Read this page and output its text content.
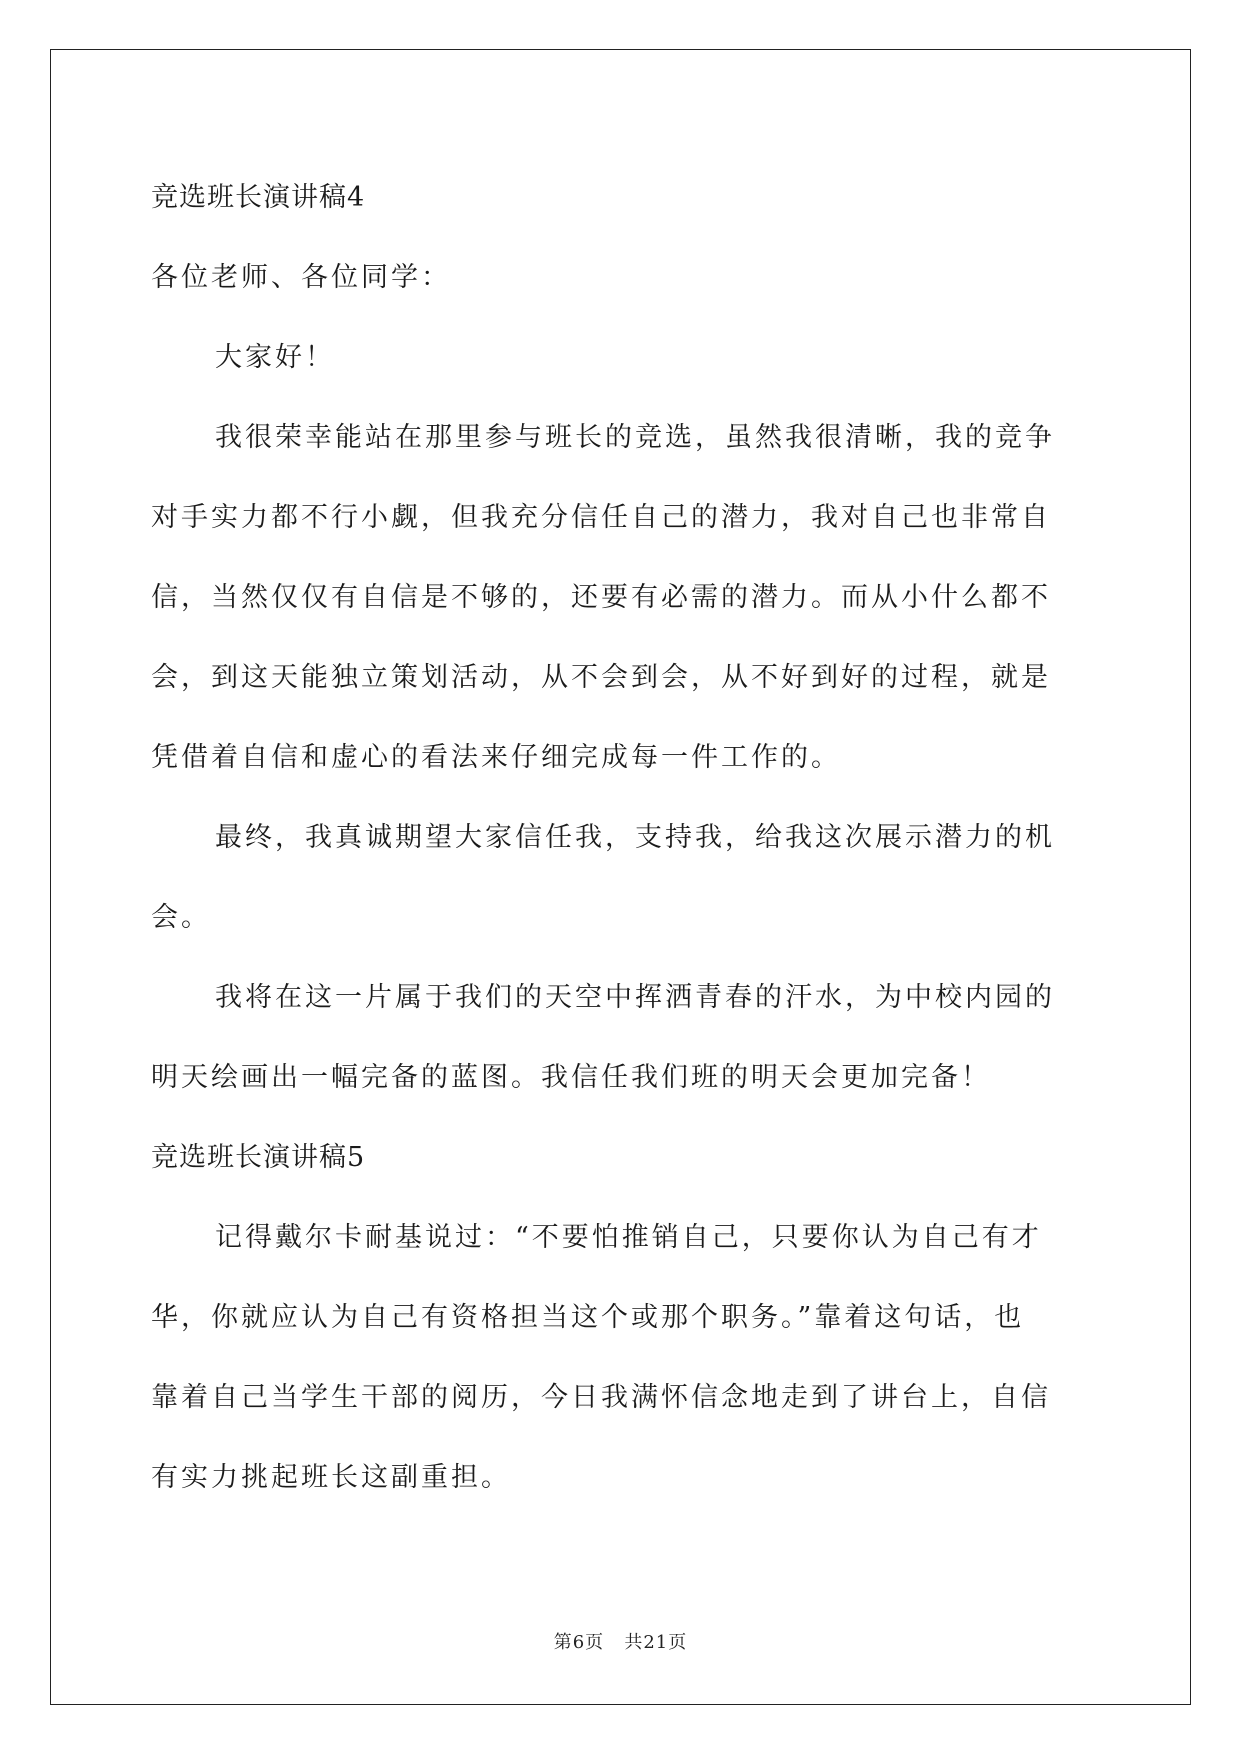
竞选班长演讲稿4
各位老师、各位同学：
大家好！
我很荣幸能站在那里参与班长的竞选，虽然我很清晰，我的竞争
对手实力都不行小觑，但我充分信任自己的潜力，我对自己也非常自
信，当然仅仅有自信是不够的，还要有必需的潜力。而从小什么都不
会，到这天能独立策划活动，从不会到会，从不好到好的过程，就是
凭借着自信和虚心的看法来仔细完成每一件工作的。
最终，我真诚期望大家信任我，支持我，给我这次展示潜力的机
会。
我将在这一片属于我们的天空中挥洒青春的汗水，为中校内园的
明天绘画出一幅完备的蓝图。我信任我们班的明天会更加完备！
竞选班长演讲稿5
记得戴尔卡耐基说过：“不要怕推销自己，只要你认为自己有才
华，你就应认为自己有资格担当这个或那个职务。”靠着这句话，也
靠着自己当学生干部的阅历，今日我满怀信念地走到了讲台上，自信
有实力挑起班长这副重担。
第6页   共21页
